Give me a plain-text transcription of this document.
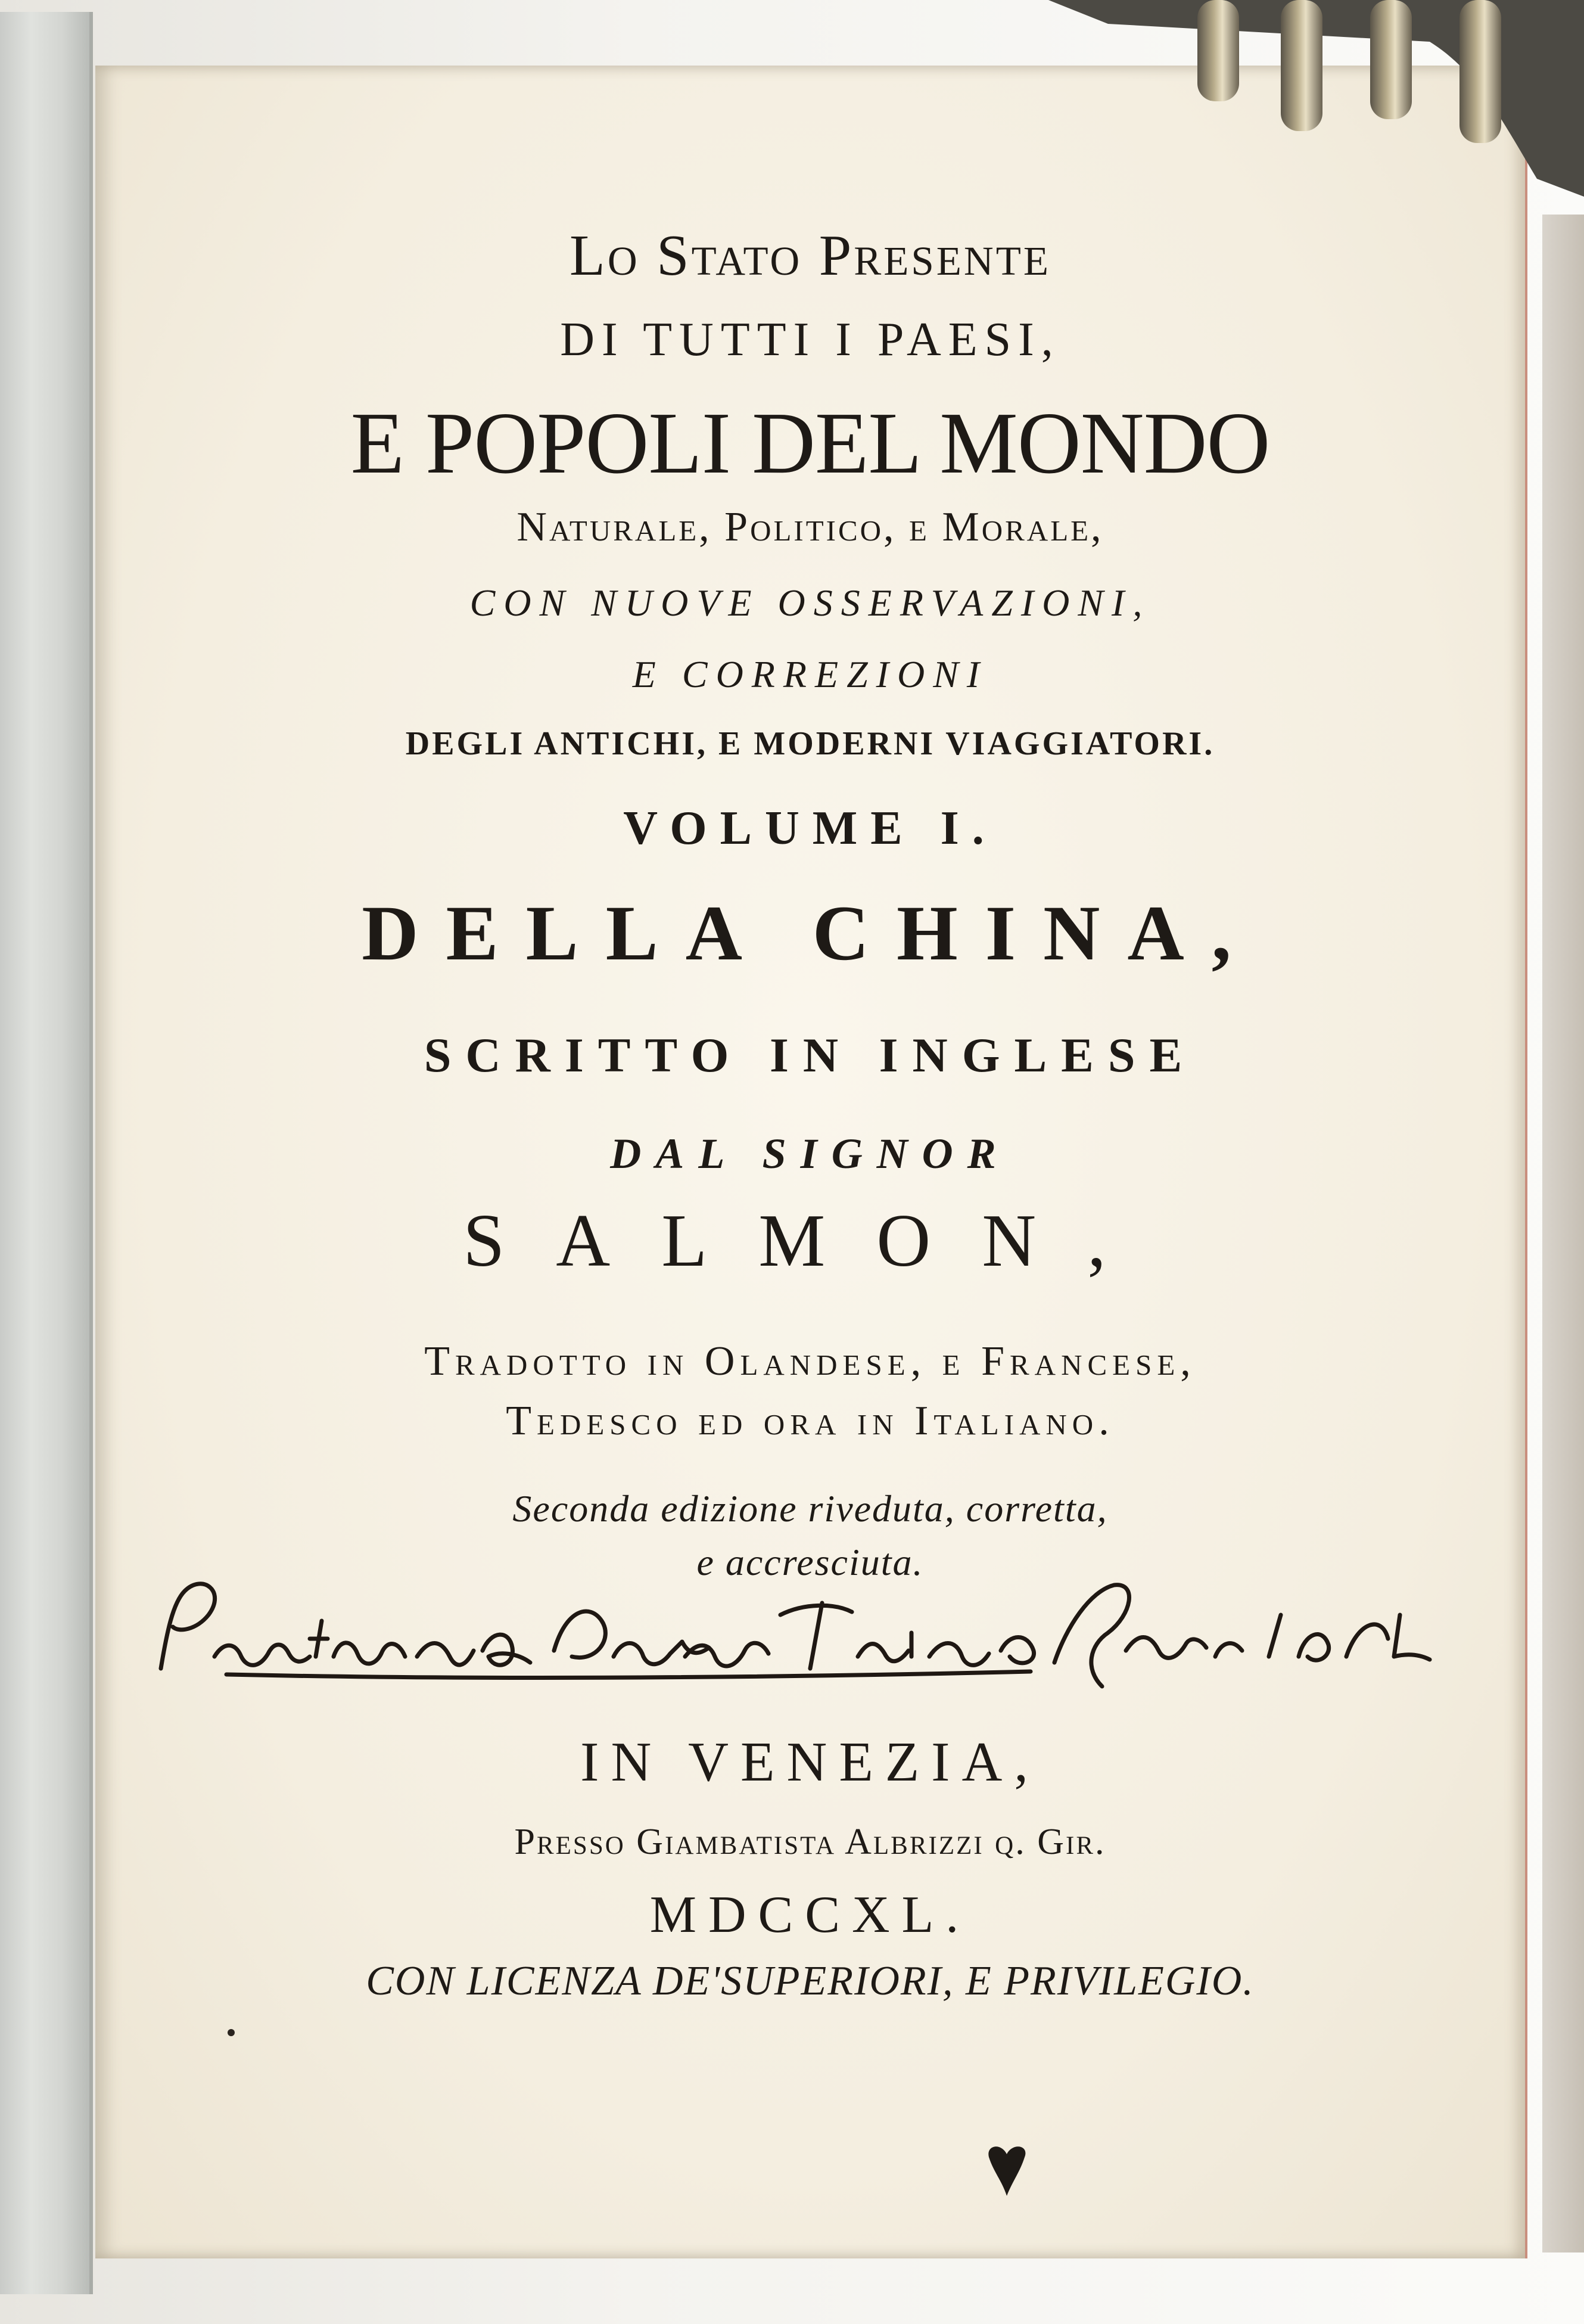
Lo Stato Presente
DI TUTTI I PAESI,
E POPOLI DEL MONDO
Naturale, Politico, e Morale,
CON NUOVE OSSERVAZIONI,
E CORREZIONI
DEGLI ANTICHI, E MODERNI VIAGGIATORI.
VOLUME I.
DELLA CHINA,
SCRITTO IN INGLESE
DAL SIGNOR
SALMON,
Tradotto in Olandese, e Francese,
Tedesco ed ora in Italiano.
Seconda edizione riveduta, corretta,
e accresciuta.
IN VENEZIA,
Presso Giambatista Albrizzi q. Gir.
MDCCXL.
CON LICENZA DE'SUPERIORI, E PRIVILEGIO.
